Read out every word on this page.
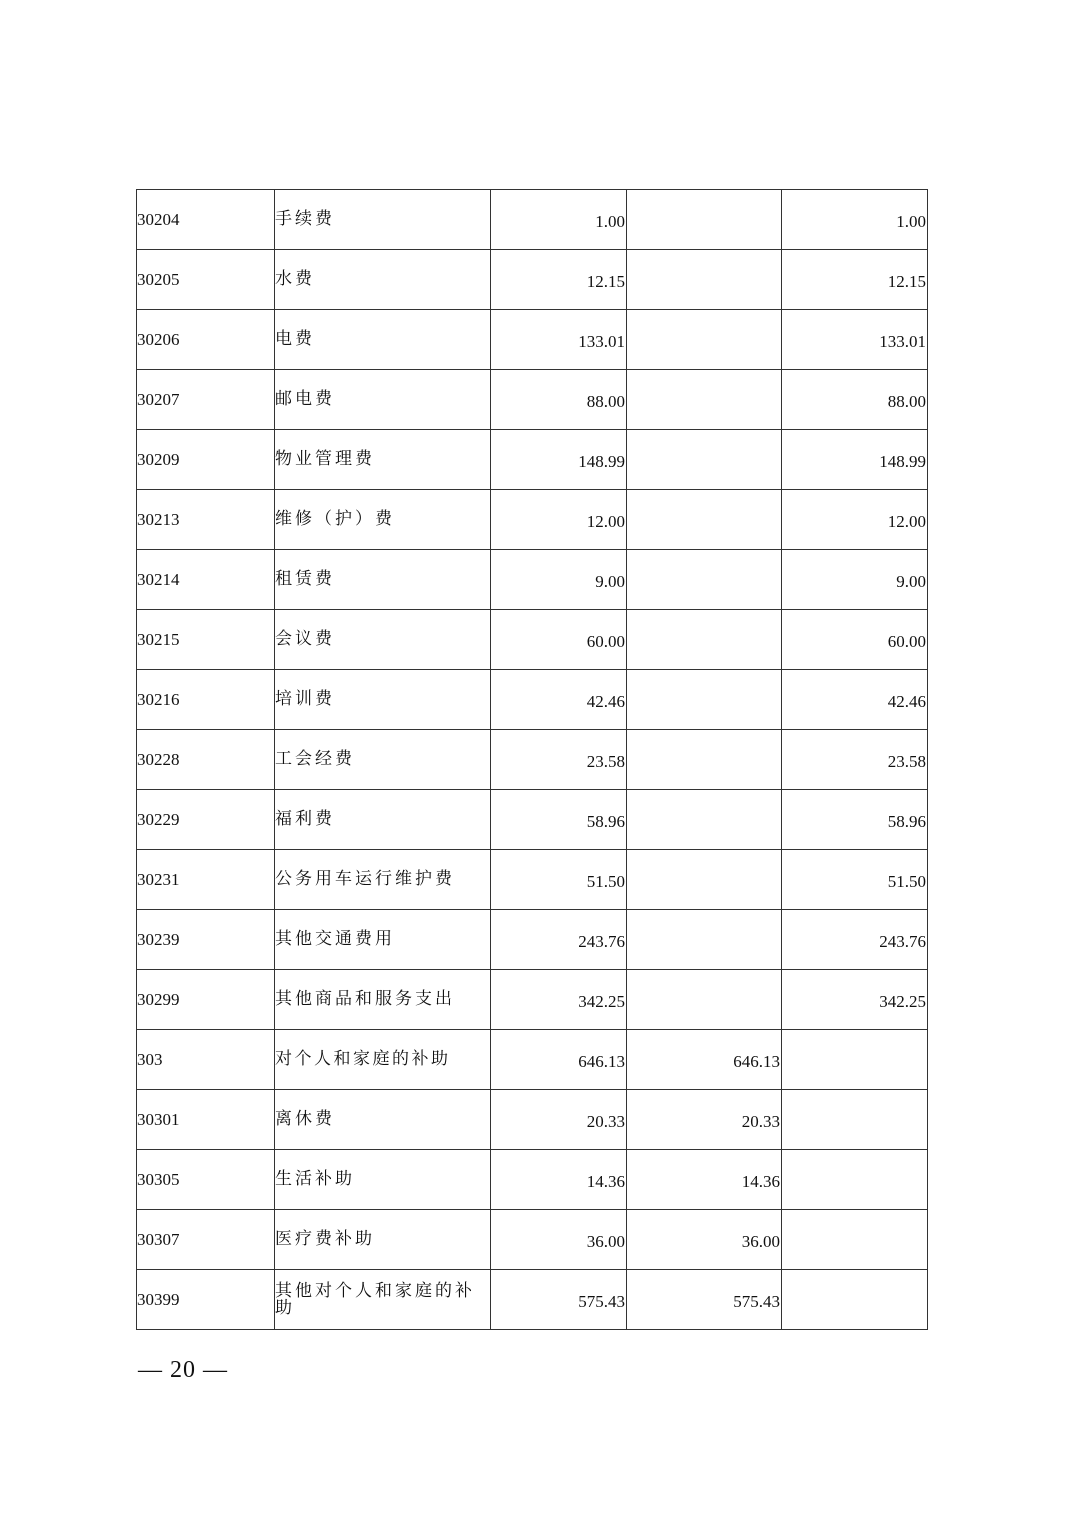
30204	手续费	1.00		1.00
30205	水费	12.15		12.15
30206	电费	133.01		133.01
30207	邮电费	88.00		88.00
30209	物业管理费	148.99		148.99
30213	维修（护）费	12.00		12.00
30214	租赁费	9.00		9.00
30215	会议费	60.00		60.00
30216	培训费	42.46		42.46
30228	工会经费	23.58		23.58
30229	福利费	58.96		58.96
30231	公务用车运行维护费	51.50		51.50
30239	其他交通费用	243.76		243.76
30299	其他商品和服务支出	342.25		342.25
303	对个人和家庭的补助	646.13	646.13	
30301	离休费	20.33	20.33	
30305	生活补助	14.36	14.36	
30307	医疗费补助	36.00	36.00	
30399	其他对个人和家庭的补助	575.43	575.43	
— 20 —
